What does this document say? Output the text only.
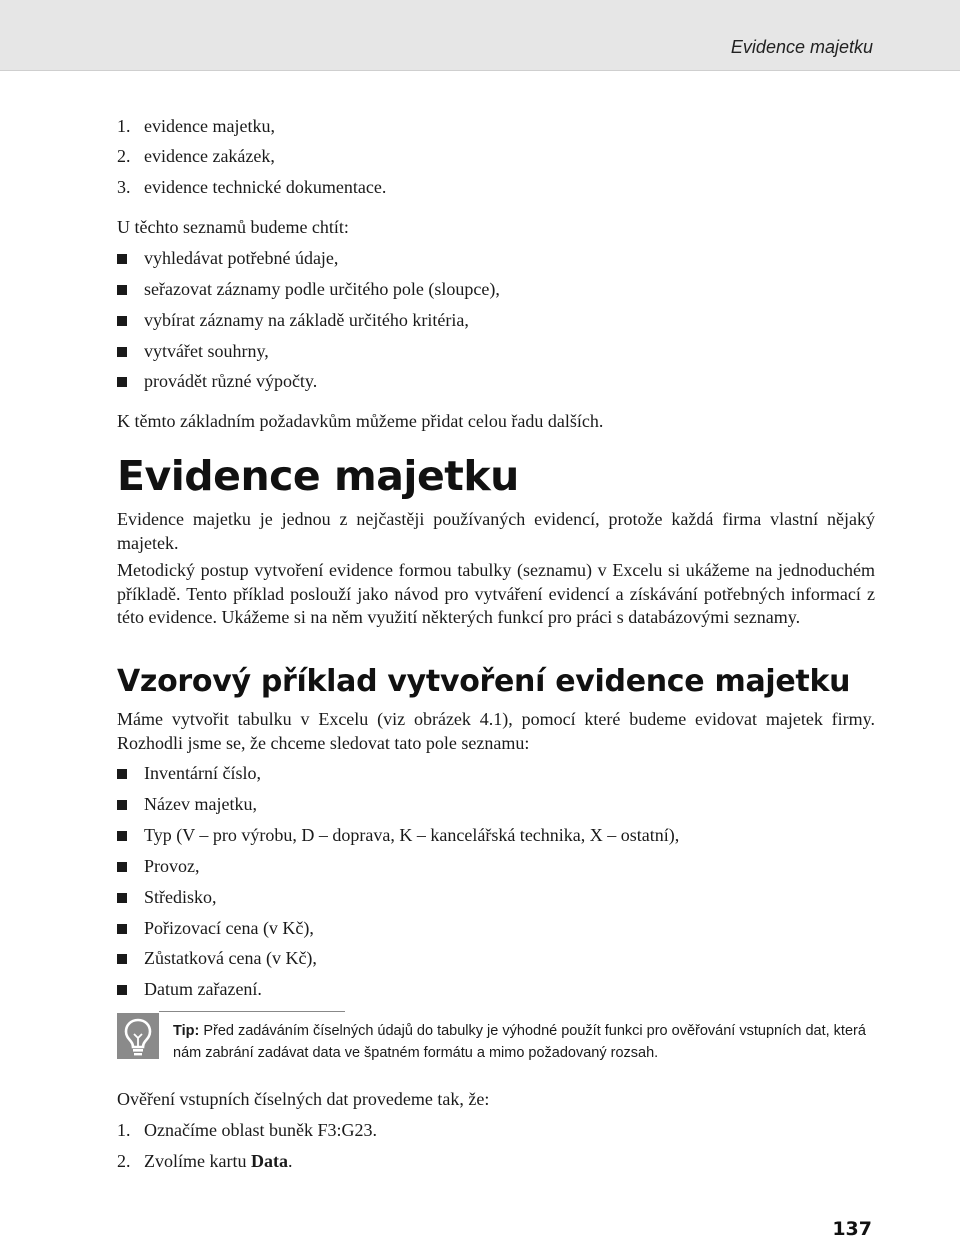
Evidence majetku
1. evidence majetku,
2. evidence zakázek,
3. evidence technické dokumentace.

U těchto seznamů budeme chtít:

vyhledávat potřebné údaje,
seřazovat záznamy podle určitého pole (sloupce),
vybírat záznamy na základě určitého kritéria,
vytvářet souhrny,
provádět různé výpočty.

K těmto základním požadavkům můžeme přidat celou řadu dalších.

Evidence majetku

Evidence majetku je jednou z nejčastěji používaných evidencí, protože každá firma vlastní nějaký majetek.

Metodický postup vytvoření evidence formou tabulky (seznamu) v Excelu si ukážeme na jednoduchém příkladě. Tento příklad poslouží jako návod pro vytváření evidencí a získávání potřebných informací z této evidence. Ukážeme si na něm využití některých funkcí pro práci s databázovými seznamy.

Vzorový příklad vytvoření evidence majetku

Máme vytvořit tabulku v Excelu (viz obrázek 4.1), pomocí které budeme evidovat majetek firmy. Rozhodli jsme se, že chceme sledovat tato pole seznamu:

Inventární číslo,
Název majetku,
Typ (V – pro výrobu, D – doprava, K – kancelářská technika, X – ostatní),
Provoz,
Středisko,
Pořizovací cena (v Kč),
Zůstatková cena (v Kč),
Datum zařazení.

Ověření vstupních číselných dat provedeme tak, že:

1. Označíme oblast buněk F3:G23.
2. Zvolíme kartu Data.
Tip: Před zadáváním číselných údajů do tabulky je výhodné použít funkci pro ověřování vstupních dat, která nám zabrání zadávat data ve špatném formátu a mimo požadovaný rozsah.
137
